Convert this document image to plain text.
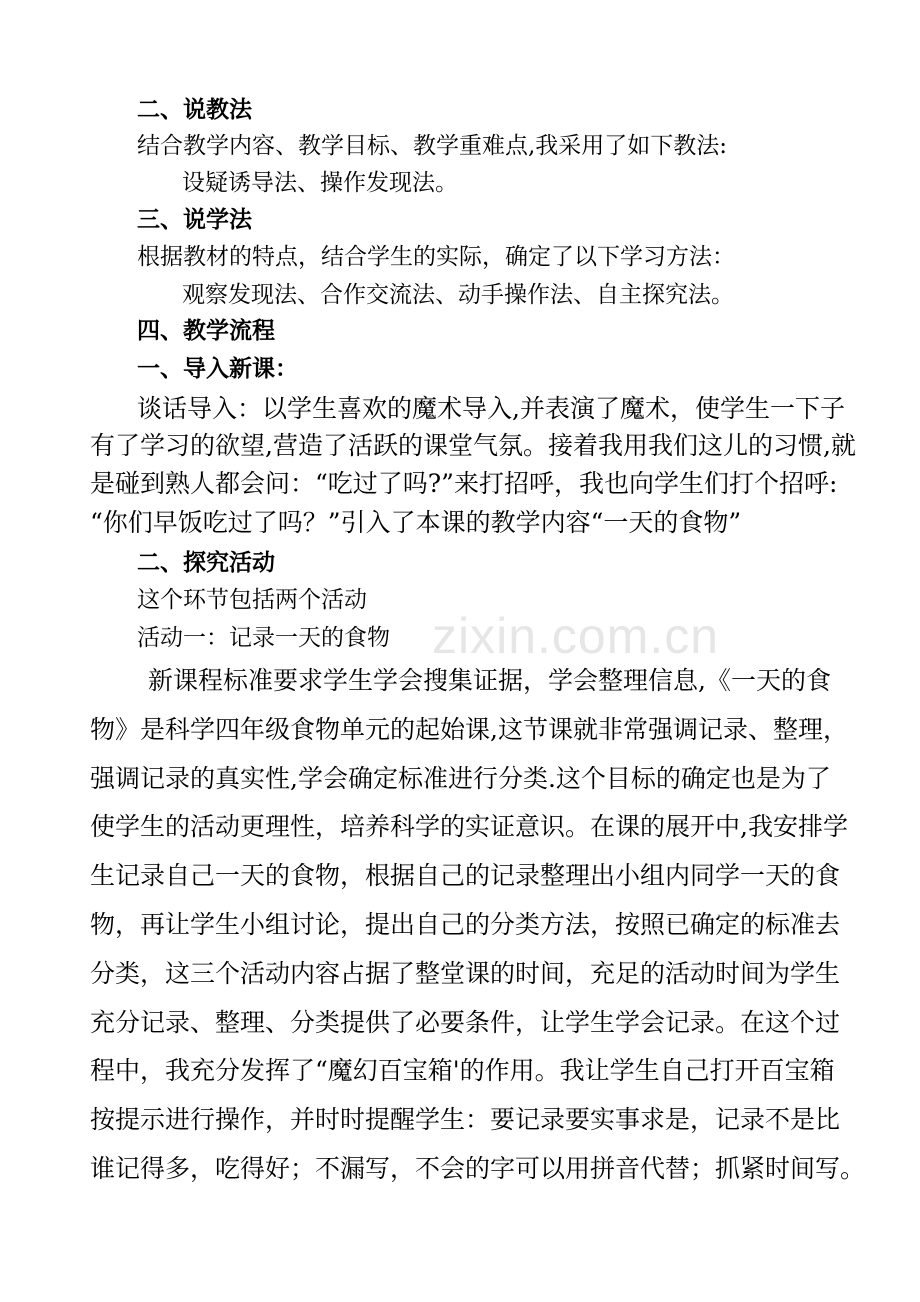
zixin.com.cn
二、说教法
结合教学内容、教学目标、教学重难点,我采用了如下教法:
设疑诱导法、操作发现法。
三、说学法
根据教材的特点，结合学生的实际，确定了以下学习方法：
观察发现法、合作交流法、动手操作法、自主探究法。
四、教学流程
一、导入新课：
谈话导入：以学生喜欢的魔术导入,并表演了魔术，使学生一下子
有了学习的欲望,营造了活跃的课堂气氛。接着我用我们这儿的习惯,就
是碰到熟人都会问：“吃过了吗?”来打招呼，我也向学生们打个招呼:
“你们早饭吃过了吗？”引入了本课的教学内容“一天的食物”
二、探究活动
这个环节包括两个活动
活动一：记录一天的食物
新课程标准要求学生学会搜集证据，学会整理信息,《一天的食
物》是科学四年级食物单元的起始课,这节课就非常强调记录、整理，
强调记录的真实性,学会确定标准进行分类.这个目标的确定也是为了
使学生的活动更理性，培养科学的实证意识。在课的展开中,我安排学
生记录自己一天的食物，根据自己的记录整理出小组内同学一天的食
物，再让学生小组讨论，提出自己的分类方法，按照已确定的标准去
分类，这三个活动内容占据了整堂课的时间，充足的活动时间为学生
充分记录、整理、分类提供了必要条件，让学生学会记录。在这个过
程中，我充分发挥了“魔幻百宝箱'的作用。我让学生自己打开百宝箱
按提示进行操作，并时时提醒学生：要记录要实事求是，记录不是比
谁记得多，吃得好；不漏写，不会的字可以用拼音代替；抓紧时间写。
